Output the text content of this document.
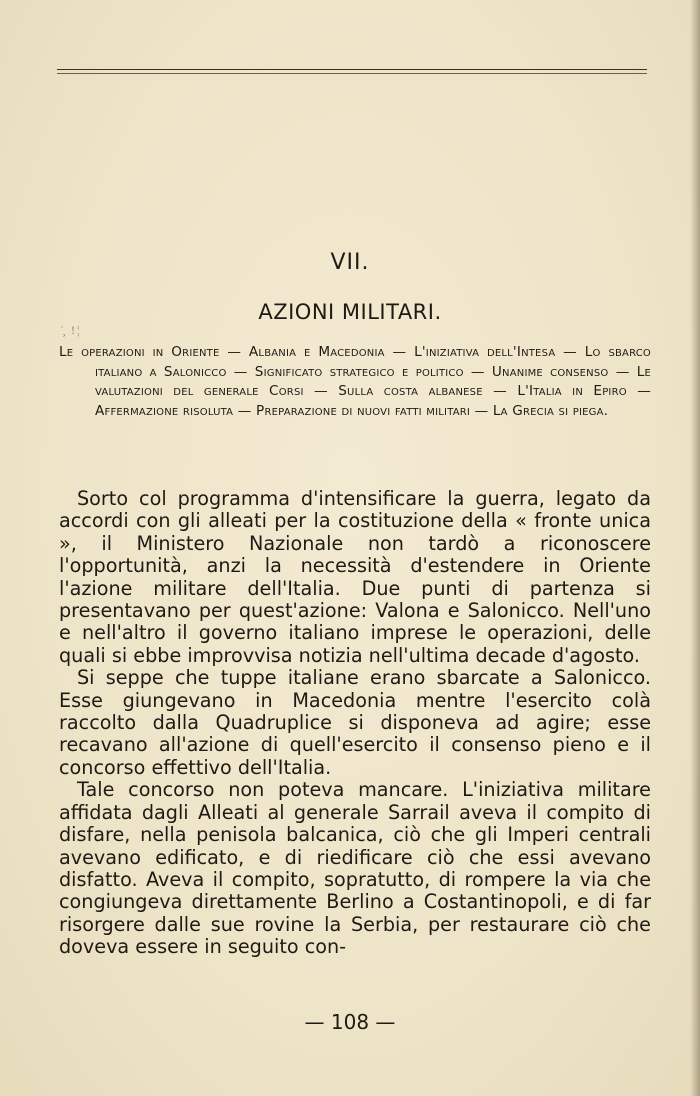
VII.
AZIONI MILITARI.
˙̧ ǃ¦
Le operazioni in Oriente — Albania e Macedonia — L'iniziativa dell'Intesa — Lo sbarco italiano a Salonicco — Significato strategico e politico — Unanime consenso — Le valutazioni del generale Corsi — Sulla costa albanese — L'Italia in Epiro — Affermazione risoluta — Preparazione di nuovi fatti militari — La Grecia si piega.

Sorto col programma d'intensificare la guerra, legato da accordi con gli alleati per la costituzione della « fronte unica », il Ministero Nazionale non tardò a riconoscere l'opportunità, anzi la necessità d'estendere in Oriente l'azione militare dell'Italia. Due punti di partenza si presentavano per quest'azione: Valona e Salonicco. Nell'uno e nell'altro il governo italiano imprese le operazioni, delle quali si ebbe improvvisa notizia nell'ultima decade d'agosto.

Si seppe che tuppe italiane erano sbarcate a Salonicco. Esse giungevano in Macedonia mentre l'esercito colà raccolto dalla Quadruplice si disponeva ad agire; esse recavano all'azione di quell'esercito il consenso pieno e il concorso effettivo dell'Italia.

Tale concorso non poteva mancare. L'iniziativa militare affidata dagli Alleati al generale Sarrail aveva il compito di disfare, nella penisola balcanica, ciò che gli Imperi centrali avevano edificato, e di riedificare ciò che essi avevano disfatto. Aveva il compito, sopratutto, di rompere la via che congiungeva direttamente Berlino a Costantinopoli, e di far risorgere dalle sue rovine la Serbia, per restaurare ciò che doveva essere in seguito con-

— 108 —
